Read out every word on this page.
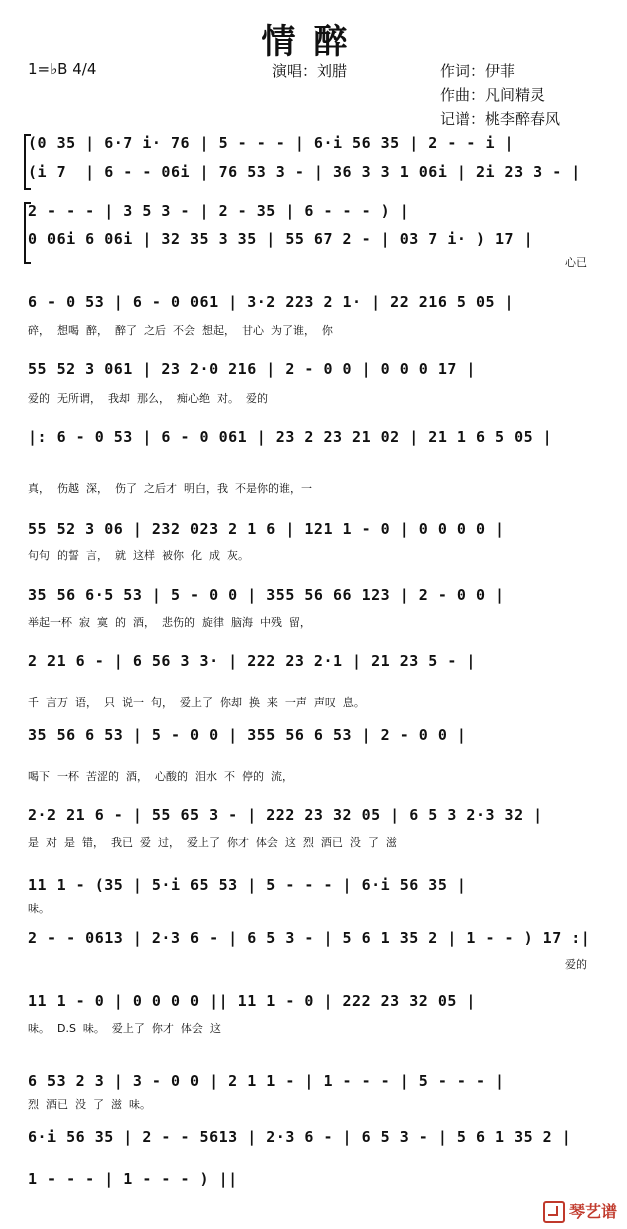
情醉
1=♭B 4/4	演唱：刘腊	作词：伊菲
作曲：凡间精灵
记谱：桃李醉春风
(0 35 | 6·7 i· 76 | 5 - - - | 6·i 56 35 | 2 - - i |
(i 7  | 6 - - 06i | 76 53 3 - | 36 3 3 1 06i | 2i 23 3 - |
2 - - - | 3 5 3 - | 2 - 35 | 6 - - - ) |
0 06i 6 06i | 32 35 3 35 | 55 67 2 - | 03 7 i· ) 17 |
心已
6 - 0 53 | 6 - 0 061 | 3·2 223 2 1· | 22 216 5 05 |
碎，  想喝  醉，  醉了  之后  不会  想起，  甘心  为了谁，  你
55 52 3 061 | 23 2·0 216 | 2 - 0 0 | 0 0 0 17 |
爱的  无所谓，  我却  那么，  痴心绝  对。  爱的
|: 6 - 0 53 | 6 - 0 061 | 23 2 23 21 02 | 21 1 6 5 05 |
真，  伤越  深，  伤了  之后才  明白，我  不是你的谁，一
55 52 3 06 | 232 023 2 1 6 | 121 1 - 0 | 0 0 0 0 |
句句  的誓  言，  就  这样  被你  化  成  灰。
35 56 6·5 53 | 5 - 0 0 | 355 56 66 123 | 2 - 0 0 |
举起一杯  寂  寞  的  酒，  悲伤的  旋律  脑海  中残  留，
2 21 6 - | 6 56 3 3· | 222 23 2·1 | 21 23 5 - |
千  言万  语，  只  说一  句，  爱上了  你却  换  来  一声  声叹  息。
35 56 6 53 | 5 - 0 0 | 355 56 6 53 | 2 - 0 0 |
喝下  一杯  苦涩的  酒，  心酸的  泪水  不  停的  流，
2·2 21 6 - | 55 65 3 - | 222 23 32 05 | 6 5 3 2·3 32 |
是  对  是  错，  我已  爱  过，  爱上了  你才  体会  这  烈  酒已  没  了  滋
11 1 - (35 | 5·i 65 53 | 5 - - - | 6·i 56 35 |
味。
2 - - 0613 | 2·3 6 - | 6 5 3 - | 5 6 1 35 2 | 1 - - ) 17 :|
爱的
11 1 - 0 | 0 0 0 0 || 11 1 - 0 | 222 23 32 05 |
味。  D.S  味。  爱上了  你才  体会  这
6 53 2 3 | 3 - 0 0 | 2 1 1 - | 1 - - - | 5 - - - |
烈  酒已  没  了  滋  味。
6·i 56 35 | 2 - - 5613 | 2·3 6 - | 6 5 3 - | 5 6 1 35 2 |
1 - - - | 1 - - - ) ||
琴艺谱
